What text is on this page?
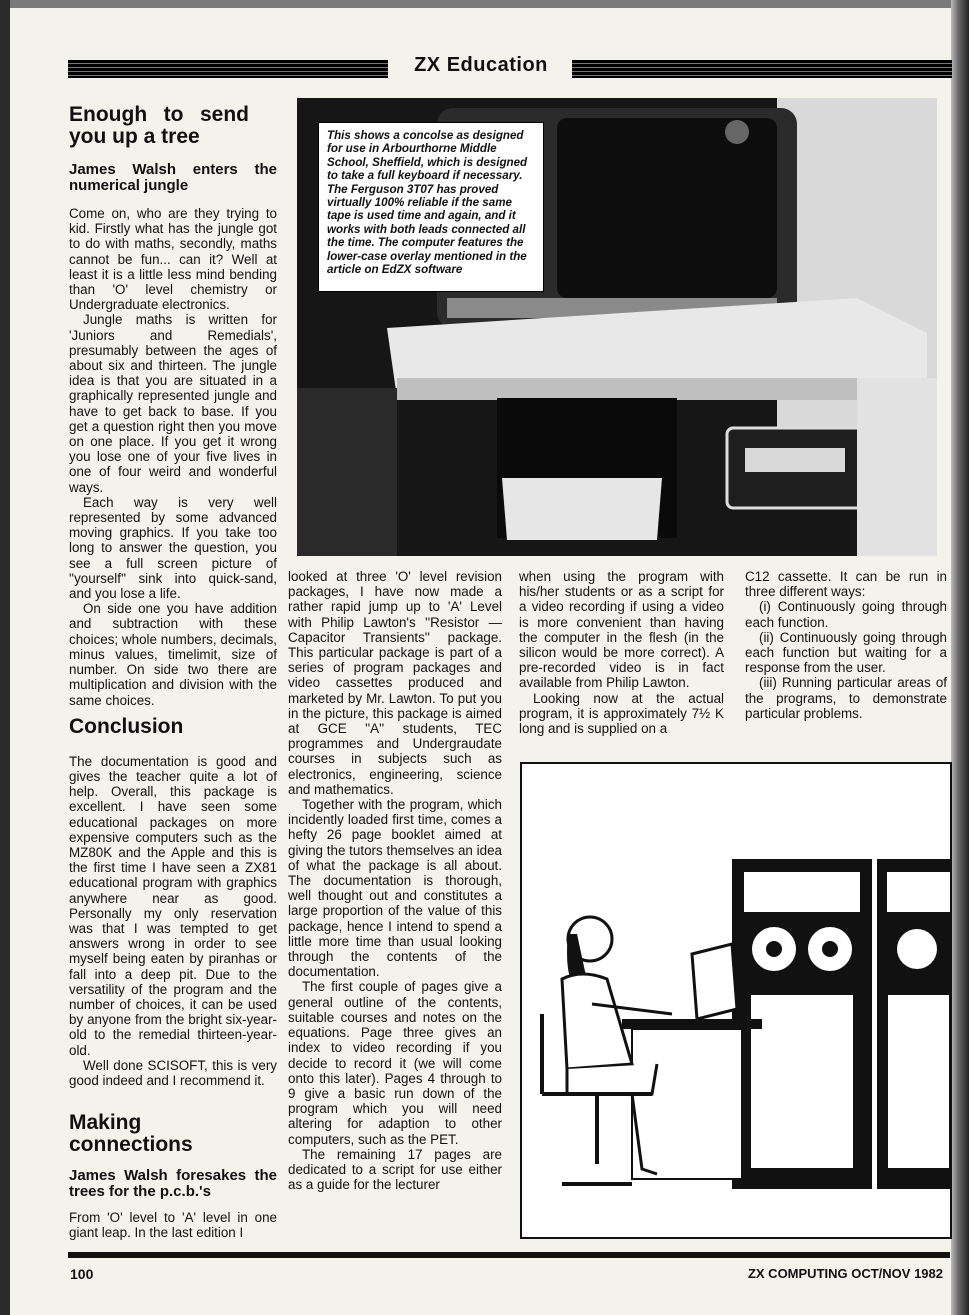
ZX Education
Enough to send you up a tree
James Walsh enters the numerical jungle

Come on, who are they trying to kid. Firstly what has the jungle got to do with maths, secondly, maths cannot be fun... can it? Well at least it is a little less mind bending than 'O' level chemistry or Undergraduate electronics.

Jungle maths is written for 'Juniors and Remedials', presumably between the ages of about six and thirteen. The jungle idea is that you are situated in a graphically represented jungle and have to get back to base. If you get a question right then you move on one place. If you get it wrong you lose one of your five lives in one of four weird and wonderful ways.

Each way is very well represented by some advanced moving graphics. If you take too long to answer the question, you see a full screen picture of ''yourself'' sink into quick-sand, and you lose a life.

On side one you have addition and subtraction with these choices; whole numbers, decimals, minus values, timelimit, size of number. On side two there are multiplication and division with the same choices.

Conclusion

The documentation is good and gives the teacher quite a lot of help. Overall, this package is excellent. I have seen some educational packages on more expensive computers such as the MZ80K and the Apple and this is the first time I have seen a ZX81 educational program with graphics anywhere near as good. Personally my only reservation was that I was tempted to get answers wrong in order to see myself being eaten by piranhas or fall into a deep pit. Due to the versatility of the program and the number of choices, it can be used by anyone from the bright six-year-old to the remedial thirteen-year-old.

Well done SCISOFT, this is very good indeed and I recommend it.

Making connections
James Walsh foresakes the trees for the p.c.b.'s

From 'O' level to 'A' level in one giant leap. In the last edition I

This shows a concolse as designed for use in Arbourthorne Middle School, Sheffield, which is designed to take a full keyboard if necessary. The Ferguson 3T07 has proved virtually 100% reliable if the same tape is used time and again, and it works with both leads connected all the time. The computer features the lower-case overlay mentioned in the article on EdZX software

looked at three 'O' level revision packages, I have now made a rather rapid jump up to 'A' Level with Philip Lawton's ''Resistor — Capacitor Transients'' package. This particular package is part of a series of program packages and video cassettes produced and marketed by Mr. Lawton. To put you in the picture, this package is aimed at GCE ''A'' students, TEC programmes and Undergraudate courses in subjects such as electronics, engineering, science and mathematics.

Together with the program, which incidently loaded first time, comes a hefty 26 page booklet aimed at giving the tutors themselves an idea of what the package is all about. The documentation is thorough, well thought out and constitutes a large proportion of the value of this package, hence I intend to spend a little more time than usual looking through the contents of the documentation.

The first couple of pages give a general outline of the contents, suitable courses and notes on the equations. Page three gives an index to video recording if you decide to record it (we will come onto this later). Pages 4 through to 9 give a basic run down of the program which you will need altering for adaption to other computers, such as the PET.

The remaining 17 pages are dedicated to a script for use either as a guide for the lecturer

when using the program with his/her students or as a script for a video recording if using a video is more convenient than having the computer in the flesh (in the silicon would be more correct). A pre-recorded video is in fact available from Philip Lawton.

Looking now at the actual program, it is approximately 7½ K long and is supplied on a

C12 cassette. It can be run in three different ways:

(i) Continuously going through each function.

(ii) Continuously going through each function but waiting for a response from the user.

(iii) Running particular areas of the programs, to demonstrate particular problems.

100	ZX COMPUTING OCT/NOV 1982
